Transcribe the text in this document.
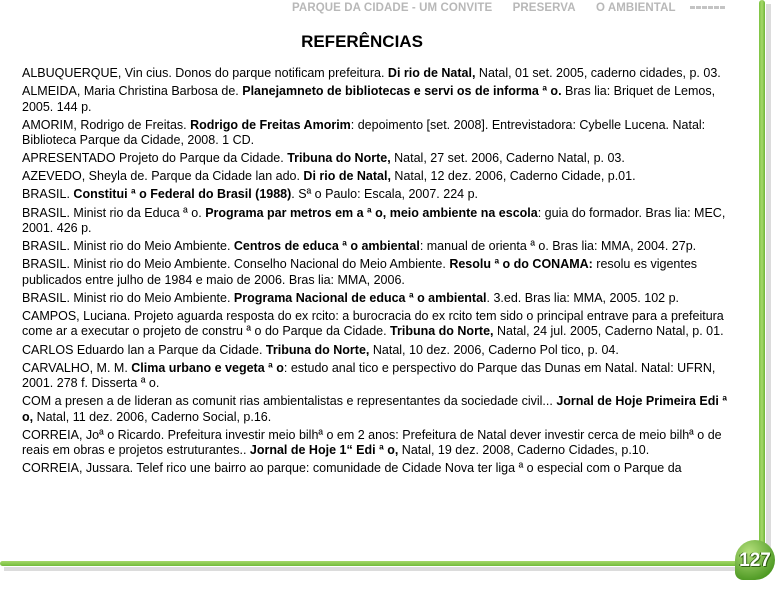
PARQUE DA CIDADE - UM CONVITE PRESERVA O AMBIENTAL
127
REFERÊNCIAS

ALBUQUERQUE, Vin cius. Donos do parque notificam prefeitura. Di rio de Natal, Natal, 01 set. 2005, caderno cidades, p. 03.

ALMEIDA, Maria Christina Barbosa de. Planejamneto de bibliotecas e servi os de informa ª o. Bras lia: Briquet de Lemos, 2005. 144 p.

AMORIM, Rodrigo de Freitas. Rodrigo de Freitas Amorim: depoimento [set. 2008]. Entrevistadora: Cybelle Lucena. Natal: Biblioteca Parque da Cidade, 2008. 1 CD.

APRESENTADO Projeto do Parque da Cidade. Tribuna do Norte, Natal, 27 set. 2006, Caderno Natal, p. 03.

AZEVEDO, Sheyla de. Parque da Cidade lan ado. Di rio de Natal, Natal, 12 dez. 2006, Caderno Cidade, p.01.

BRASIL. Constitui ª o Federal do Brasil (1988). Sª o Paulo: Escala, 2007. 224 p.

BRASIL. Minist rio da Educa ª o. Programa par metros em a ª o, meio ambiente na escola: guia do formador. Bras lia: MEC, 2001. 426 p.

BRASIL. Minist rio do Meio Ambiente. Centros de educa ª o ambiental: manual de orienta ª o. Bras lia: MMA, 2004. 27p.

BRASIL. Minist rio do Meio Ambiente. Conselho Nacional do Meio Ambiente. Resolu ª o do CONAMA: resolu es vigentes publicados entre julho de 1984 e maio de 2006. Bras lia: MMA, 2006.

BRASIL. Minist rio do Meio Ambiente. Programa Nacional de educa ª o ambiental. 3.ed. Bras lia: MMA, 2005. 102 p.

CAMPOS, Luciana. Projeto aguarda resposta do ex rcito: a burocracia do ex rcito tem sido o principal entrave para a prefeitura come ar a executar o projeto de constru ª o do Parque da Cidade. Tribuna do Norte, Natal, 24 jul. 2005, Caderno Natal, p. 01.

CARLOS Eduardo lan a Parque da Cidade. Tribuna do Norte, Natal, 10 dez. 2006, Caderno Pol tico, p. 04.

CARVALHO, M. M. Clima urbano e vegeta ª o: estudo anal tico e perspectivo do Parque das Dunas em Natal. Natal: UFRN, 2001. 278 f. Disserta ª o.

COM a presen a de lideran as comunit rias ambientalistas e representantes da sociedade civil... Jornal de Hoje Primeira Edi ª o, Natal, 11 dez. 2006, Caderno Social, p.16.

CORREIA, Joª o Ricardo. Prefeitura investir meio bilhª o em 2 anos: Prefeitura de Natal dever investir cerca de meio bilhª o de reais em obras e projetos estruturantes.. Jornal de Hoje 1“ Edi ª o, Natal, 19 dez. 2008, Caderno Cidades, p.10.

CORREIA, Jussara. Telef rico une bairro ao parque: comunidade de Cidade Nova ter liga ª o especial com o Parque da
